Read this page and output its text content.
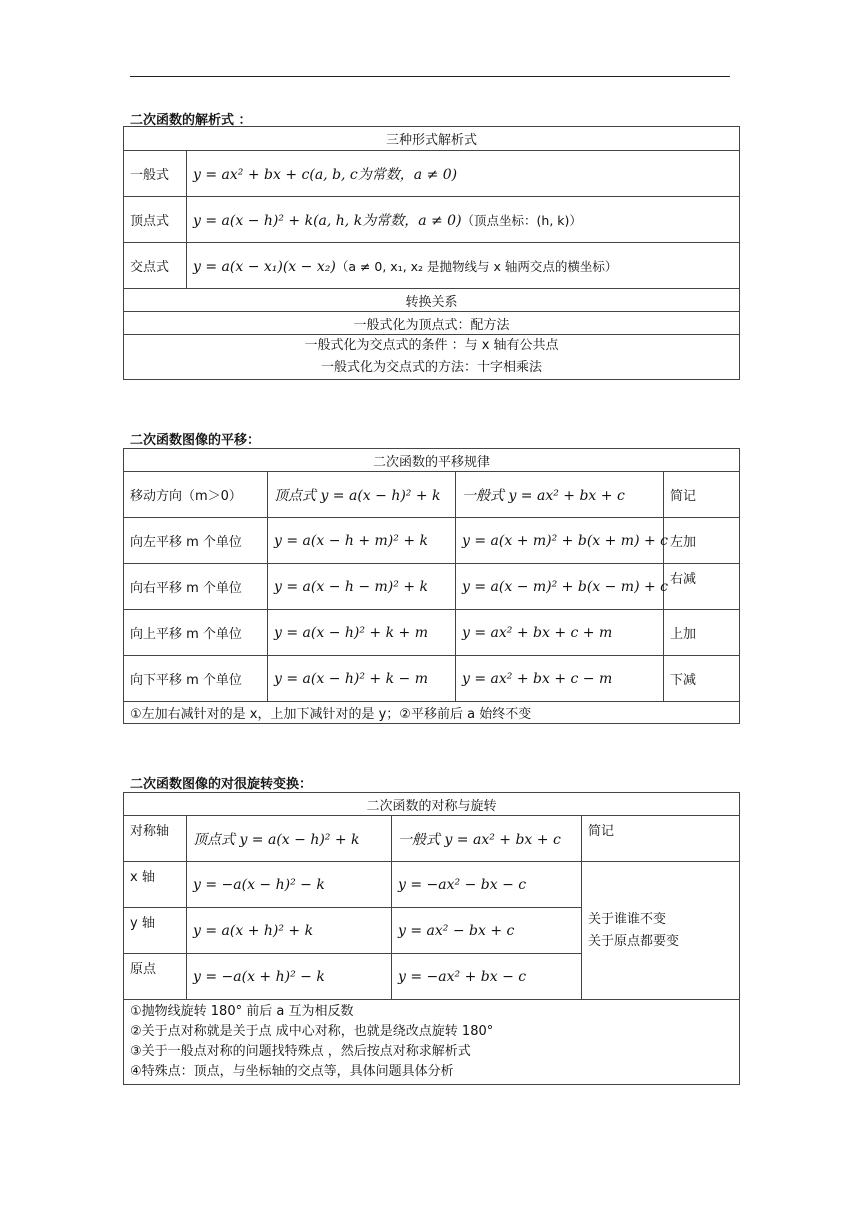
二次函数的解析式 ：
三种形式解析式	
一般式	y = ax² + bx + c(a, b, c为常数，a ≠ 0)
顶点式	y = a(x − h)² + k(a, h, k为常数，a ≠ 0)（顶点坐标：(h, k)）
交点式	y = a(x − x₁)(x − x₂)（a ≠ 0, x₁, x₂ 是抛物线与 x 轴两交点的横坐标）
转换关系	
一般式化为顶点式：配方法	

一般式化为交点式的条件 ：与 x 轴有公共点
一般式化为交点式的方法：十字相乘法	
二次函数图像的平移：
二次函数的平移规律			
移动方向（m＞0）	顶点式 y = a(x − h)² + k	一般式 y = ax² + bx + c	简记
向左平移 m 个单位	y = a(x − h + m)² + k	y = a(x + m)² + b(x + m) + c	左加
向右平移 m 个单位	y = a(x − h − m)² + k	y = a(x − m)² + b(x − m) + c	右减
向上平移 m 个单位	y = a(x − h)² + k + m	y = ax² + bx + c + m	上加
向下平移 m 个单位	y = a(x − h)² + k − m	y = ax² + bx + c − m	下减
①左加右减针对的是 x，上加下减针对的是 y；②平移前后 a 始终不变			
二次函数图像的对很旋转变换：
二次函数的对称与旋转			
对称轴	顶点式 y = a(x − h)² + k	一般式 y = ax² + bx + c	简记
x 轴	y = −a(x − h)² − k	y = −ax² − bx − c	关于谁谁不变
关于原点都要变

y 轴	y = a(x + h)² + k	y = ax² − bx + c	
原点	y = −a(x + h)² − k	y = −ax² + bx − c	

①抛物线旋转 180° 前后 a 互为相反数
②关于点对称就是关于点 成中心对称，也就是绕改点旋转 180°
③关于一般点对称的问题找特殊点 ，然后按点对称求解析式
④特殊点：顶点，与坐标轴的交点等，具体问题具体分析			
